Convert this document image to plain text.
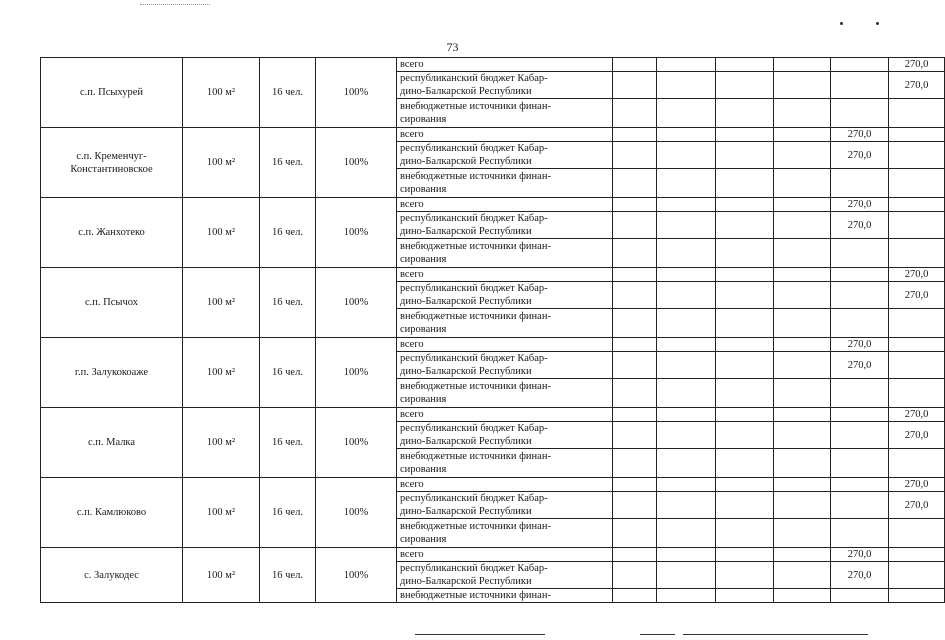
73
с.п. Псыхурей	100 м²	16 чел.	100%	всего						270,0
				республиканский бюджет Кабар-
дино-Балкарской Республики						270,0
				внебюджетные источники финан-
сирования						
с.п. Кременчуг-
Константиновское	100 м²	16 чел.	100%	всего					270,0	
				республиканский бюджет Кабар-
дино-Балкарской Республики					270,0	
				внебюджетные источники финан-
сирования						
с.п. Жанхотеко	100 м²	16 чел.	100%	всего					270,0	
				республиканский бюджет Кабар-
дино-Балкарской Республики					270,0	
				внебюджетные источники финан-
сирования						
с.п. Псычох	100 м²	16 чел.	100%	всего						270,0
				республиканский бюджет Кабар-
дино-Балкарской Республики						270,0
				внебюджетные источники финан-
сирования						
г.п. Залукокоаже	100 м²	16 чел.	100%	всего					270,0	
				республиканский бюджет Кабар-
дино-Балкарской Республики					270,0	
				внебюджетные источники финан-
сирования						
с.п. Малка	100 м²	16 чел.	100%	всего						270,0
				республиканский бюджет Кабар-
дино-Балкарской Республики						270,0
				внебюджетные источники финан-
сирования						
с.п. Камлюково	100 м²	16 чел.	100%	всего						270,0
				республиканский бюджет Кабар-
дино-Балкарской Республики						270,0
				внебюджетные источники финан-
сирования						
с. Залукодес	100 м²	16 чел.	100%	всего					270,0	
				республиканский бюджет Кабар-
дино-Балкарской Республики					270,0	
				внебюджетные источники финан-						
